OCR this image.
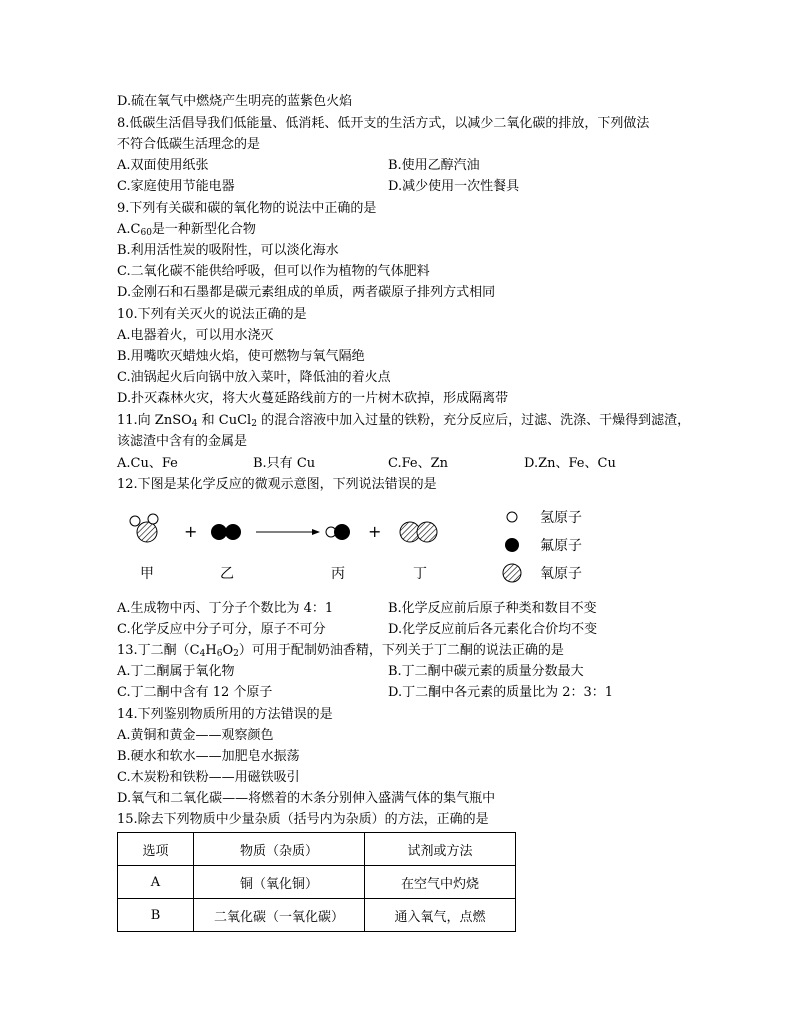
D.硫在氧气中燃烧产生明亮的蓝紫色火焰
8.低碳生活倡导我们低能量、低消耗、低开支的生活方式，以减少二氧化碳的排放，下列做法
不符合低碳生活理念的是
A.双面使用纸张	B.使用乙醇汽油
C.家庭使用节能电器	D.减少使用一次性餐具
9.下列有关碳和碳的氧化物的说法中正确的是
$A.C_{60}$是一种新型化合物
B.利用活性炭的吸附性，可以淡化海水
C.二氧化碳不能供给呼吸，但可以作为植物的气体肥料
D.金刚石和石墨都是碳元素组成的单质，两者碳原子排列方式相同
10.下列有关灭火的说法正确的是
A.电器着火，可以用水浇灭
B.用嘴吹灭蜡烛火焰，使可燃物与氧气隔绝
C.油锅起火后向锅中放入菜叶，降低油的着火点
D.扑灭森林火灾，将大火蔓延路线前方的一片树木砍掉，形成隔离带
11.向 ZnSO$_4$ 和 CuCl$_2$ 的混合溶液中加入过量的铁粉，充分反应后，过滤、洗涤、干燥得到滤渣，
该滤渣中含有的金属是
A.Cu、Fe	B.只有 Cu	C.Fe、Zn	D.Zn、Fe、Cu
12.下图是某化学反应的微观示意图，下列说法错误的是
+	+
氢原子
氟原子
氧原子
甲	乙	丙	丁
A.生成物中丙、丁分子个数比为 4：1	B.化学反应前后原子种类和数目不变
C.化学反应中分子可分，原子不可分	D.化学反应前后各元素化合价均不变
13.丁二酮$(C_4H_6O_2)$可用于配制奶油香精，下列关于丁二酮的说法正确的是
A.丁二酮属于氧化物	B.丁二酮中碳元素的质量分数最大
C.丁二酮中含有 12 个原子	D.丁二酮中各元素的质量比为 2：3：1
14.下列鉴别物质所用的方法错误的是
A.黄铜和黄金——观察颜色
B.硬水和软水——加肥皂水振荡
C.木炭粉和铁粉——用磁铁吸引
D.氧气和二氧化碳——将燃着的木条分别伸入盛满气体的集气瓶中
15.除去下列物质中少量杂质（括号内为杂质）的方法，正确的是
选项	物质（杂质）	试剂或方法
A	铜（氧化铜）	在空气中灼烧
B	二氧化碳（一氧化碳）	通入氧气，点燃
